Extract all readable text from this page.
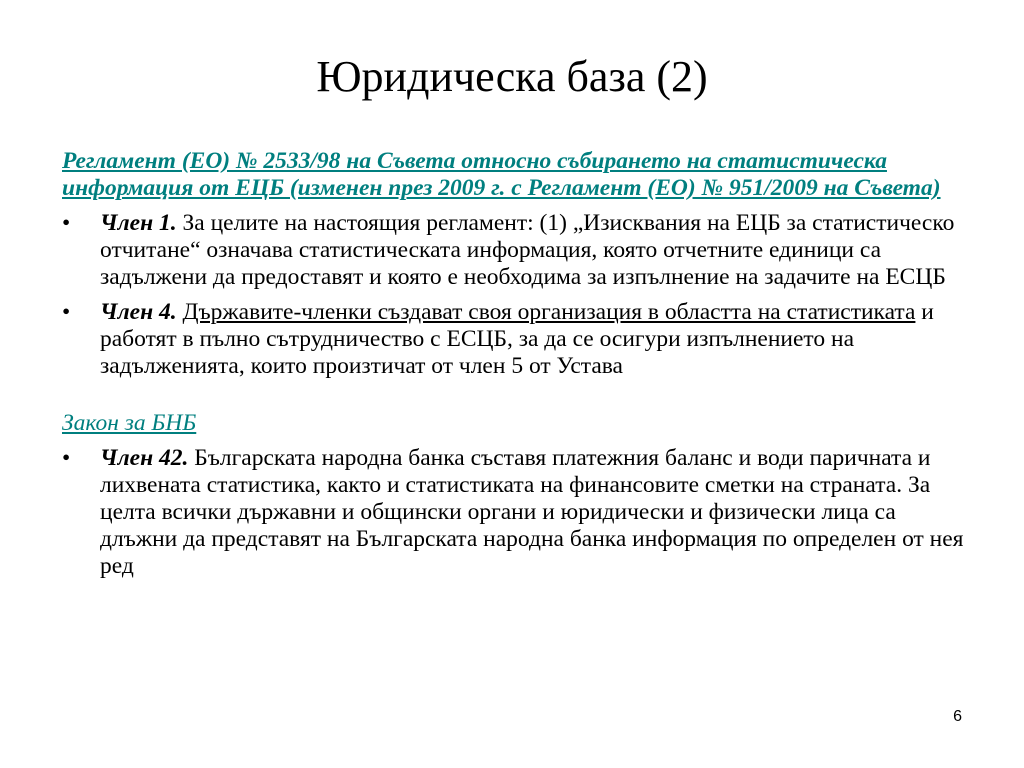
Юридическа база (2)
Регламент (ЕО) № 2533/98 на Съвета относно събирането на статистическа информация от ЕЦБ (изменен през 2009 г. с Регламент (ЕО) № 951/2009 на Съвета)
• Член 1. За целите на настоящия регламент: (1) „Изисквания на ЕЦБ за статистическо отчитане“ означава статистическата информация, която отчетните единици са задължени да предоставят и която е необходима за изпълнение на задачите на ЕСЦБ
• Член 4. Държавите-членки създават своя организация в областта на статистиката и работят в пълно сътрудничество с ЕСЦБ, за да се осигури изпълнението на задълженията, които произтичат от член 5 от Устава
Закон за БНБ
• Член 42. Българската народна банка съставя платежния баланс и води паричната и лихвената статистика, както и статистиката на финансовите сметки на страната. За целта всички държавни и общински органи и юридически и физически лица са длъжни да представят на Българската народна банка информация по определен от нея ред
6
